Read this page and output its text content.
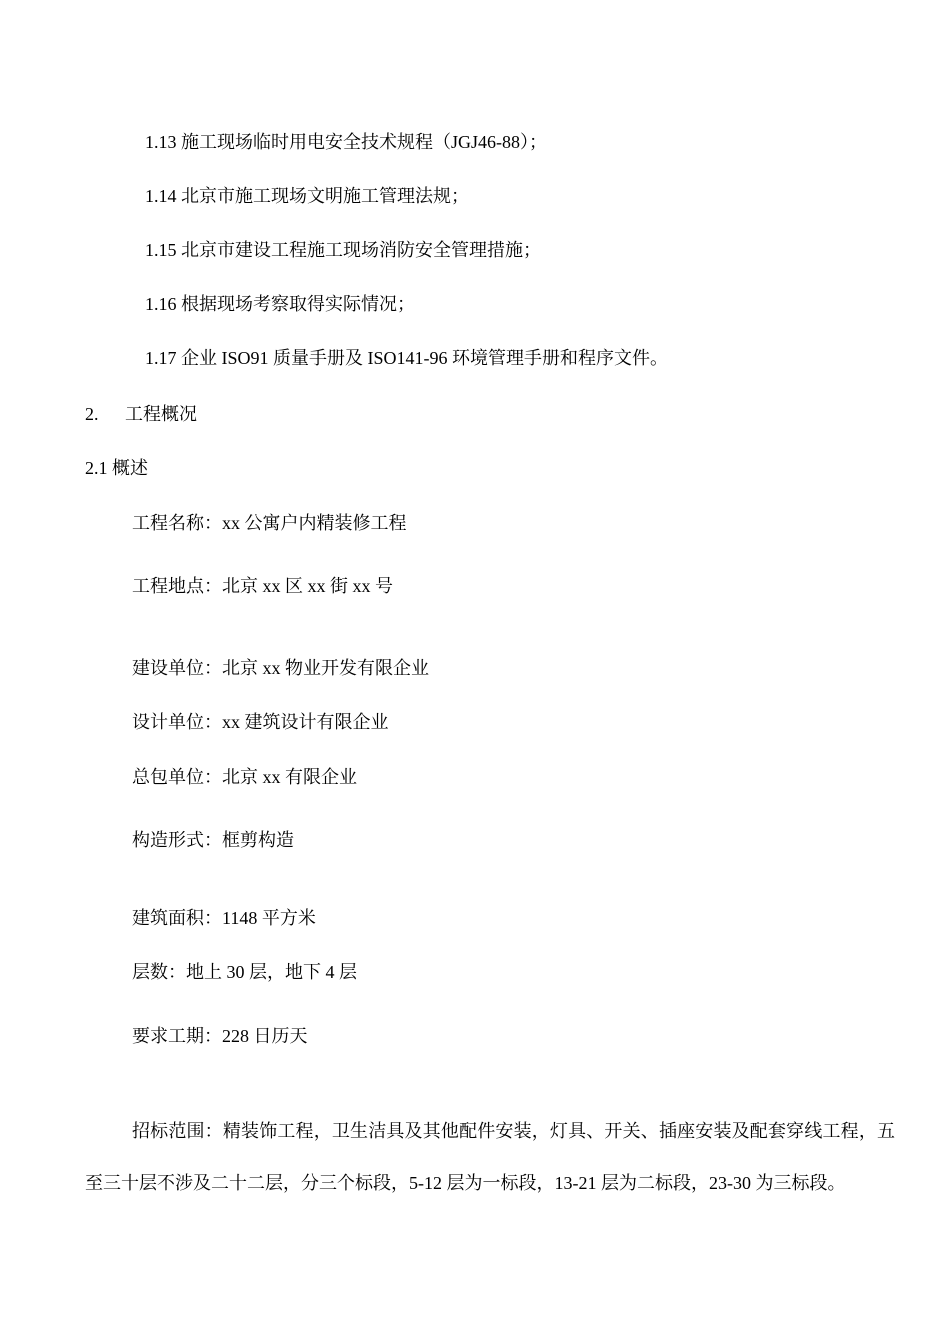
1.13 施工现场临时用电安全技术规程（JGJ46-88）；
1.14 北京市施工现场文明施工管理法规；
1.15 北京市建设工程施工现场消防安全管理措施；
1.16 根据现场考察取得实际情况；
1.17 企业 ISO91 质量手册及 ISO141-96 环境管理手册和程序文件。
2. 工程概况
2.1 概述
工程名称：xx 公寓户内精装修工程
工程地点：北京 xx 区 xx 街 xx 号
建设单位：北京 xx 物业开发有限企业
设计单位：xx 建筑设计有限企业
总包单位：北京 xx 有限企业
构造形式：框剪构造
建筑面积：1148 平方米
层数：地上 30 层，地下 4 层
要求工期：228 日历天
招标范围：精装饰工程，卫生洁具及其他配件安装，灯具、开关、插座安装及配套穿线工程，五至三十层不涉及二十二层，分三个标段，5-12 层为一标段，13-21 层为二标段，23-30 为三标段。
